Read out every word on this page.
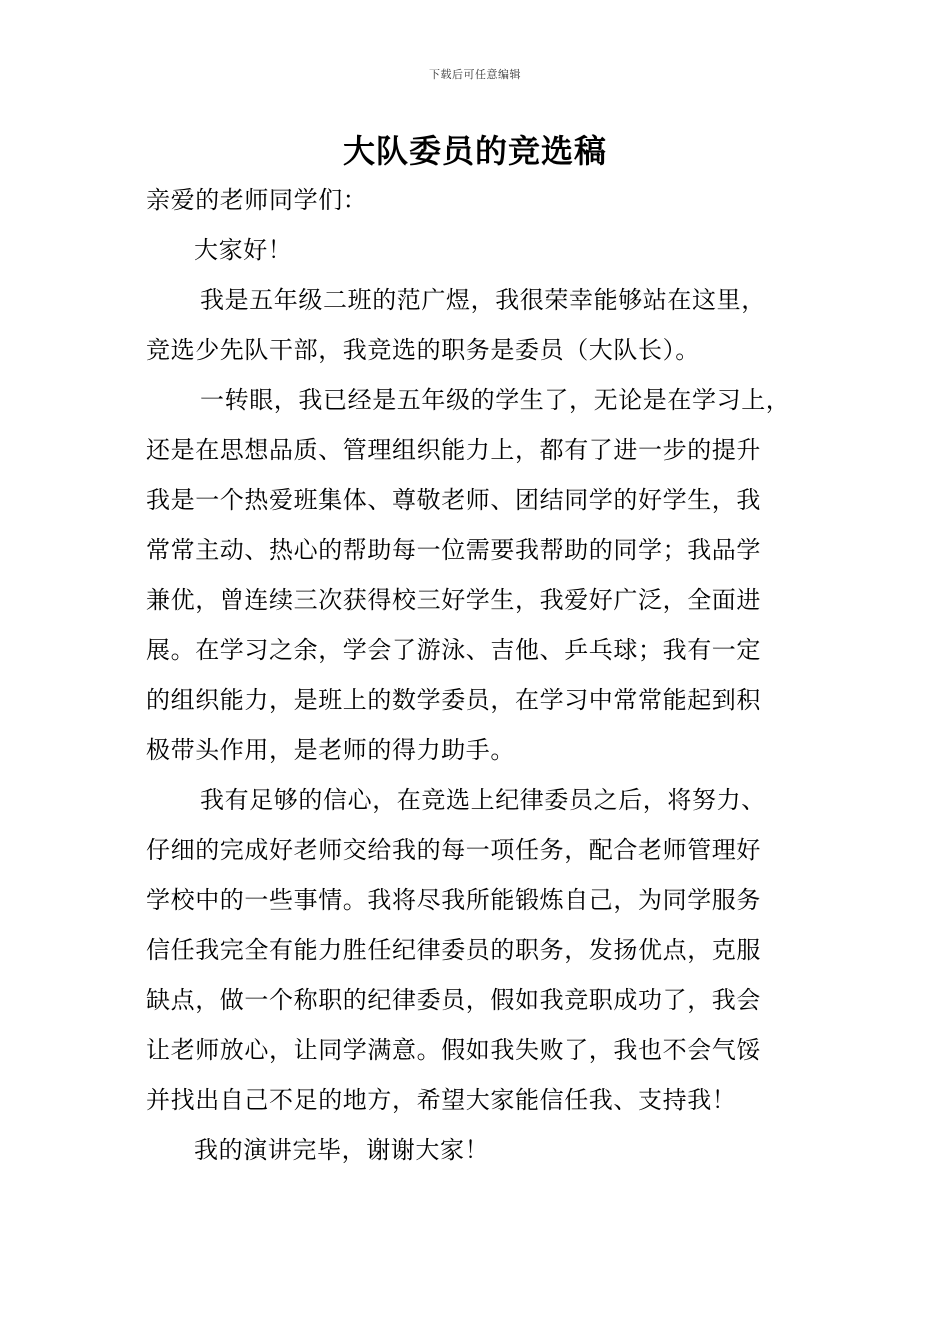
下载后可任意编辑
大队委员的竞选稿
亲爱的老师同学们：
大家好！
我是五年级二班的范广煜，我很荣幸能够站在这里，
竞选少先队干部，我竞选的职务是委员（大队长）。
一转眼，我已经是五年级的学生了，无论是在学习上，
还是在思想品质、管理组织能力上，都有了进一步的提升
我是一个热爱班集体、尊敬老师、团结同学的好学生，我
常常主动、热心的帮助每一位需要我帮助的同学；我品学
兼优，曾连续三次获得校三好学生，我爱好广泛，全面进
展。在学习之余，学会了游泳、吉他、乒乓球；我有一定
的组织能力，是班上的数学委员，在学习中常常能起到积
极带头作用，是老师的得力助手。
我有足够的信心，在竞选上纪律委员之后，将努力、
仔细的完成好老师交给我的每一项任务，配合老师管理好
学校中的一些事情。我将尽我所能锻炼自己，为同学服务
信任我完全有能力胜任纪律委员的职务，发扬优点，克服
缺点，做一个称职的纪律委员，假如我竞职成功了，我会
让老师放心，让同学满意。假如我失败了，我也不会气馁
并找出自己不足的地方，希望大家能信任我、支持我！
我的演讲完毕，谢谢大家！
